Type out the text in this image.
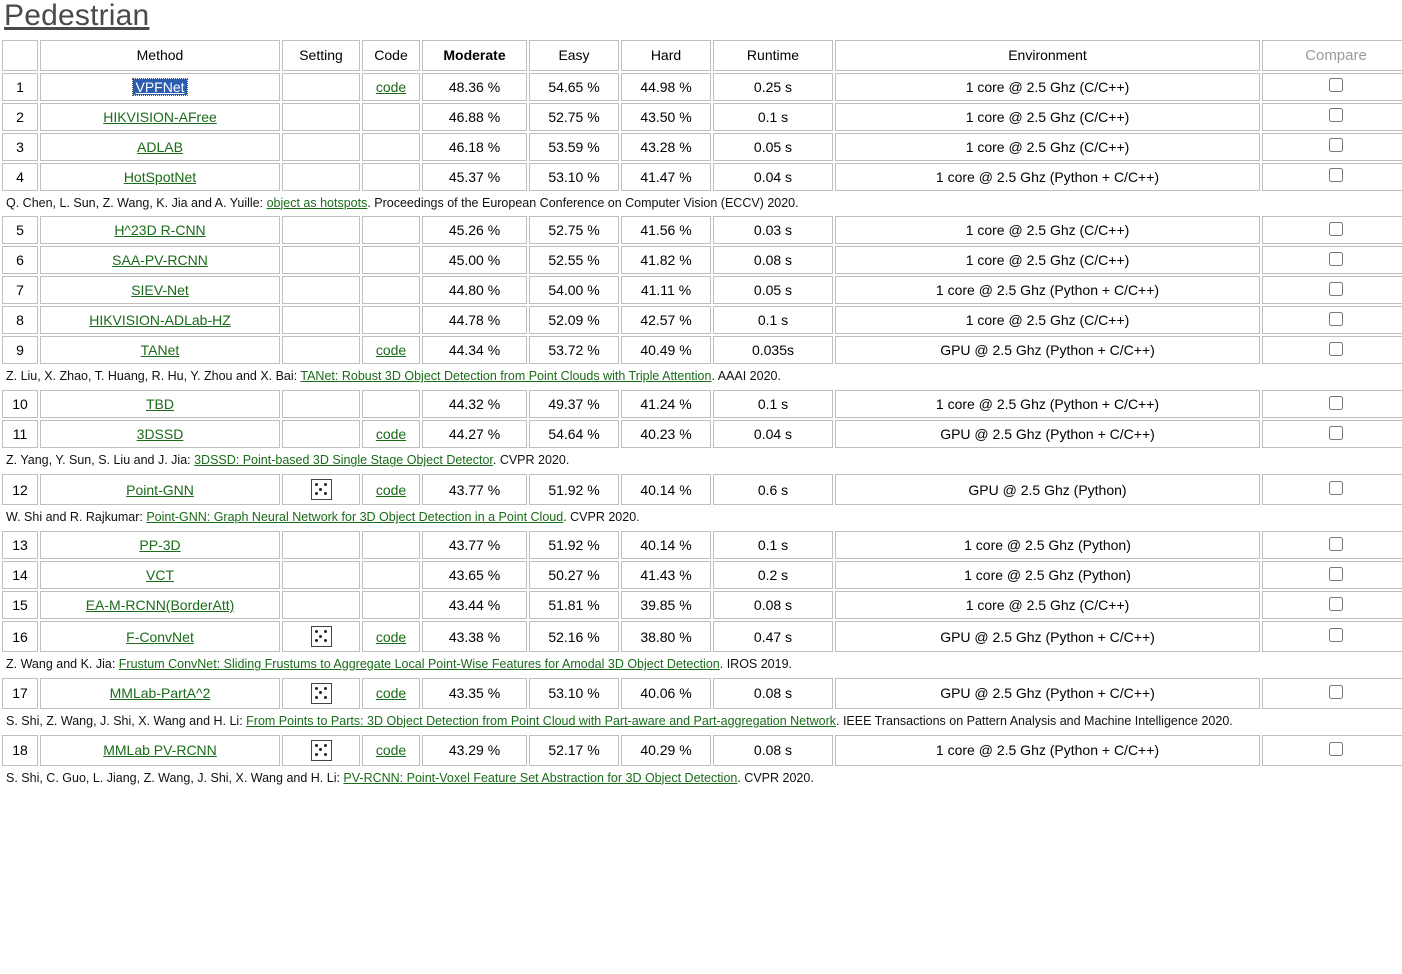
Pedestrian
	Method	Setting	Code	Moderate	Easy	Hard	Runtime	Environment	Compare
1	VPFNet		code	48.36 %	54.65 %	44.98 %	0.25 s	1 core @ 2.5 Ghz (C/C++)	
2	HIKVISION-AFree			46.88 %	52.75 %	43.50 %	0.1 s	1 core @ 2.5 Ghz (C/C++)	
3	ADLAB			46.18 %	53.59 %	43.28 %	0.05 s	1 core @ 2.5 Ghz (C/C++)	
4	HotSpotNet			45.37 %	53.10 %	41.47 %	0.04 s	1 core @ 2.5 Ghz (Python + C/C++)	
Q. Chen, L. Sun, Z. Wang, K. Jia and A. Yuille: object as hotspots. Proceedings of the European Conference on Computer Vision (ECCV) 2020.									
5	H^23D R-CNN			45.26 %	52.75 %	41.56 %	0.03 s	1 core @ 2.5 Ghz (C/C++)	
6	SAA-PV-RCNN			45.00 %	52.55 %	41.82 %	0.08 s	1 core @ 2.5 Ghz (C/C++)	
7	SIEV-Net			44.80 %	54.00 %	41.11 %	0.05 s	1 core @ 2.5 Ghz (Python + C/C++)	
8	HIKVISION-ADLab-HZ			44.78 %	52.09 %	42.57 %	0.1 s	1 core @ 2.5 Ghz (C/C++)	
9	TANet		code	44.34 %	53.72 %	40.49 %	0.035s	GPU @ 2.5 Ghz (Python + C/C++)	
Z. Liu, X. Zhao, T. Huang, R. Hu, Y. Zhou and X. Bai: TANet: Robust 3D Object Detection from Point Clouds with Triple Attention. AAAI 2020.									
10	TBD			44.32 %	49.37 %	41.24 %	0.1 s	1 core @ 2.5 Ghz (Python + C/C++)	
11	3DSSD		code	44.27 %	54.64 %	40.23 %	0.04 s	GPU @ 2.5 Ghz (Python + C/C++)	
Z. Yang, Y. Sun, S. Liu and J. Jia: 3DSSD: Point-based 3D Single Stage Object Detector. CVPR 2020.									
12	Point-GNN		code	43.77 %	51.92 %	40.14 %	0.6 s	GPU @ 2.5 Ghz (Python)	
W. Shi and R. Rajkumar: Point-GNN: Graph Neural Network for 3D Object Detection in a Point Cloud. CVPR 2020.									
13	PP-3D			43.77 %	51.92 %	40.14 %	0.1 s	1 core @ 2.5 Ghz (Python)	
14	VCT			43.65 %	50.27 %	41.43 %	0.2 s	1 core @ 2.5 Ghz (Python)	
15	EA-M-RCNN(BorderAtt)			43.44 %	51.81 %	39.85 %	0.08 s	1 core @ 2.5 Ghz (C/C++)	
16	F-ConvNet		code	43.38 %	52.16 %	38.80 %	0.47 s	GPU @ 2.5 Ghz (Python + C/C++)	
Z. Wang and K. Jia: Frustum ConvNet: Sliding Frustums to Aggregate Local Point-Wise Features for Amodal 3D Object Detection. IROS 2019.									
17	MMLab-PartA^2		code	43.35 %	53.10 %	40.06 %	0.08 s	GPU @ 2.5 Ghz (Python + C/C++)	
S. Shi, Z. Wang, J. Shi, X. Wang and H. Li: From Points to Parts: 3D Object Detection from Point Cloud with Part-aware and Part-aggregation Network. IEEE Transactions on Pattern Analysis and Machine Intelligence 2020.									
18	MMLab PV-RCNN		code	43.29 %	52.17 %	40.29 %	0.08 s	1 core @ 2.5 Ghz (Python + C/C++)	
S. Shi, C. Guo, L. Jiang, Z. Wang, J. Shi, X. Wang and H. Li: PV-RCNN: Point-Voxel Feature Set Abstraction for 3D Object Detection. CVPR 2020.									
